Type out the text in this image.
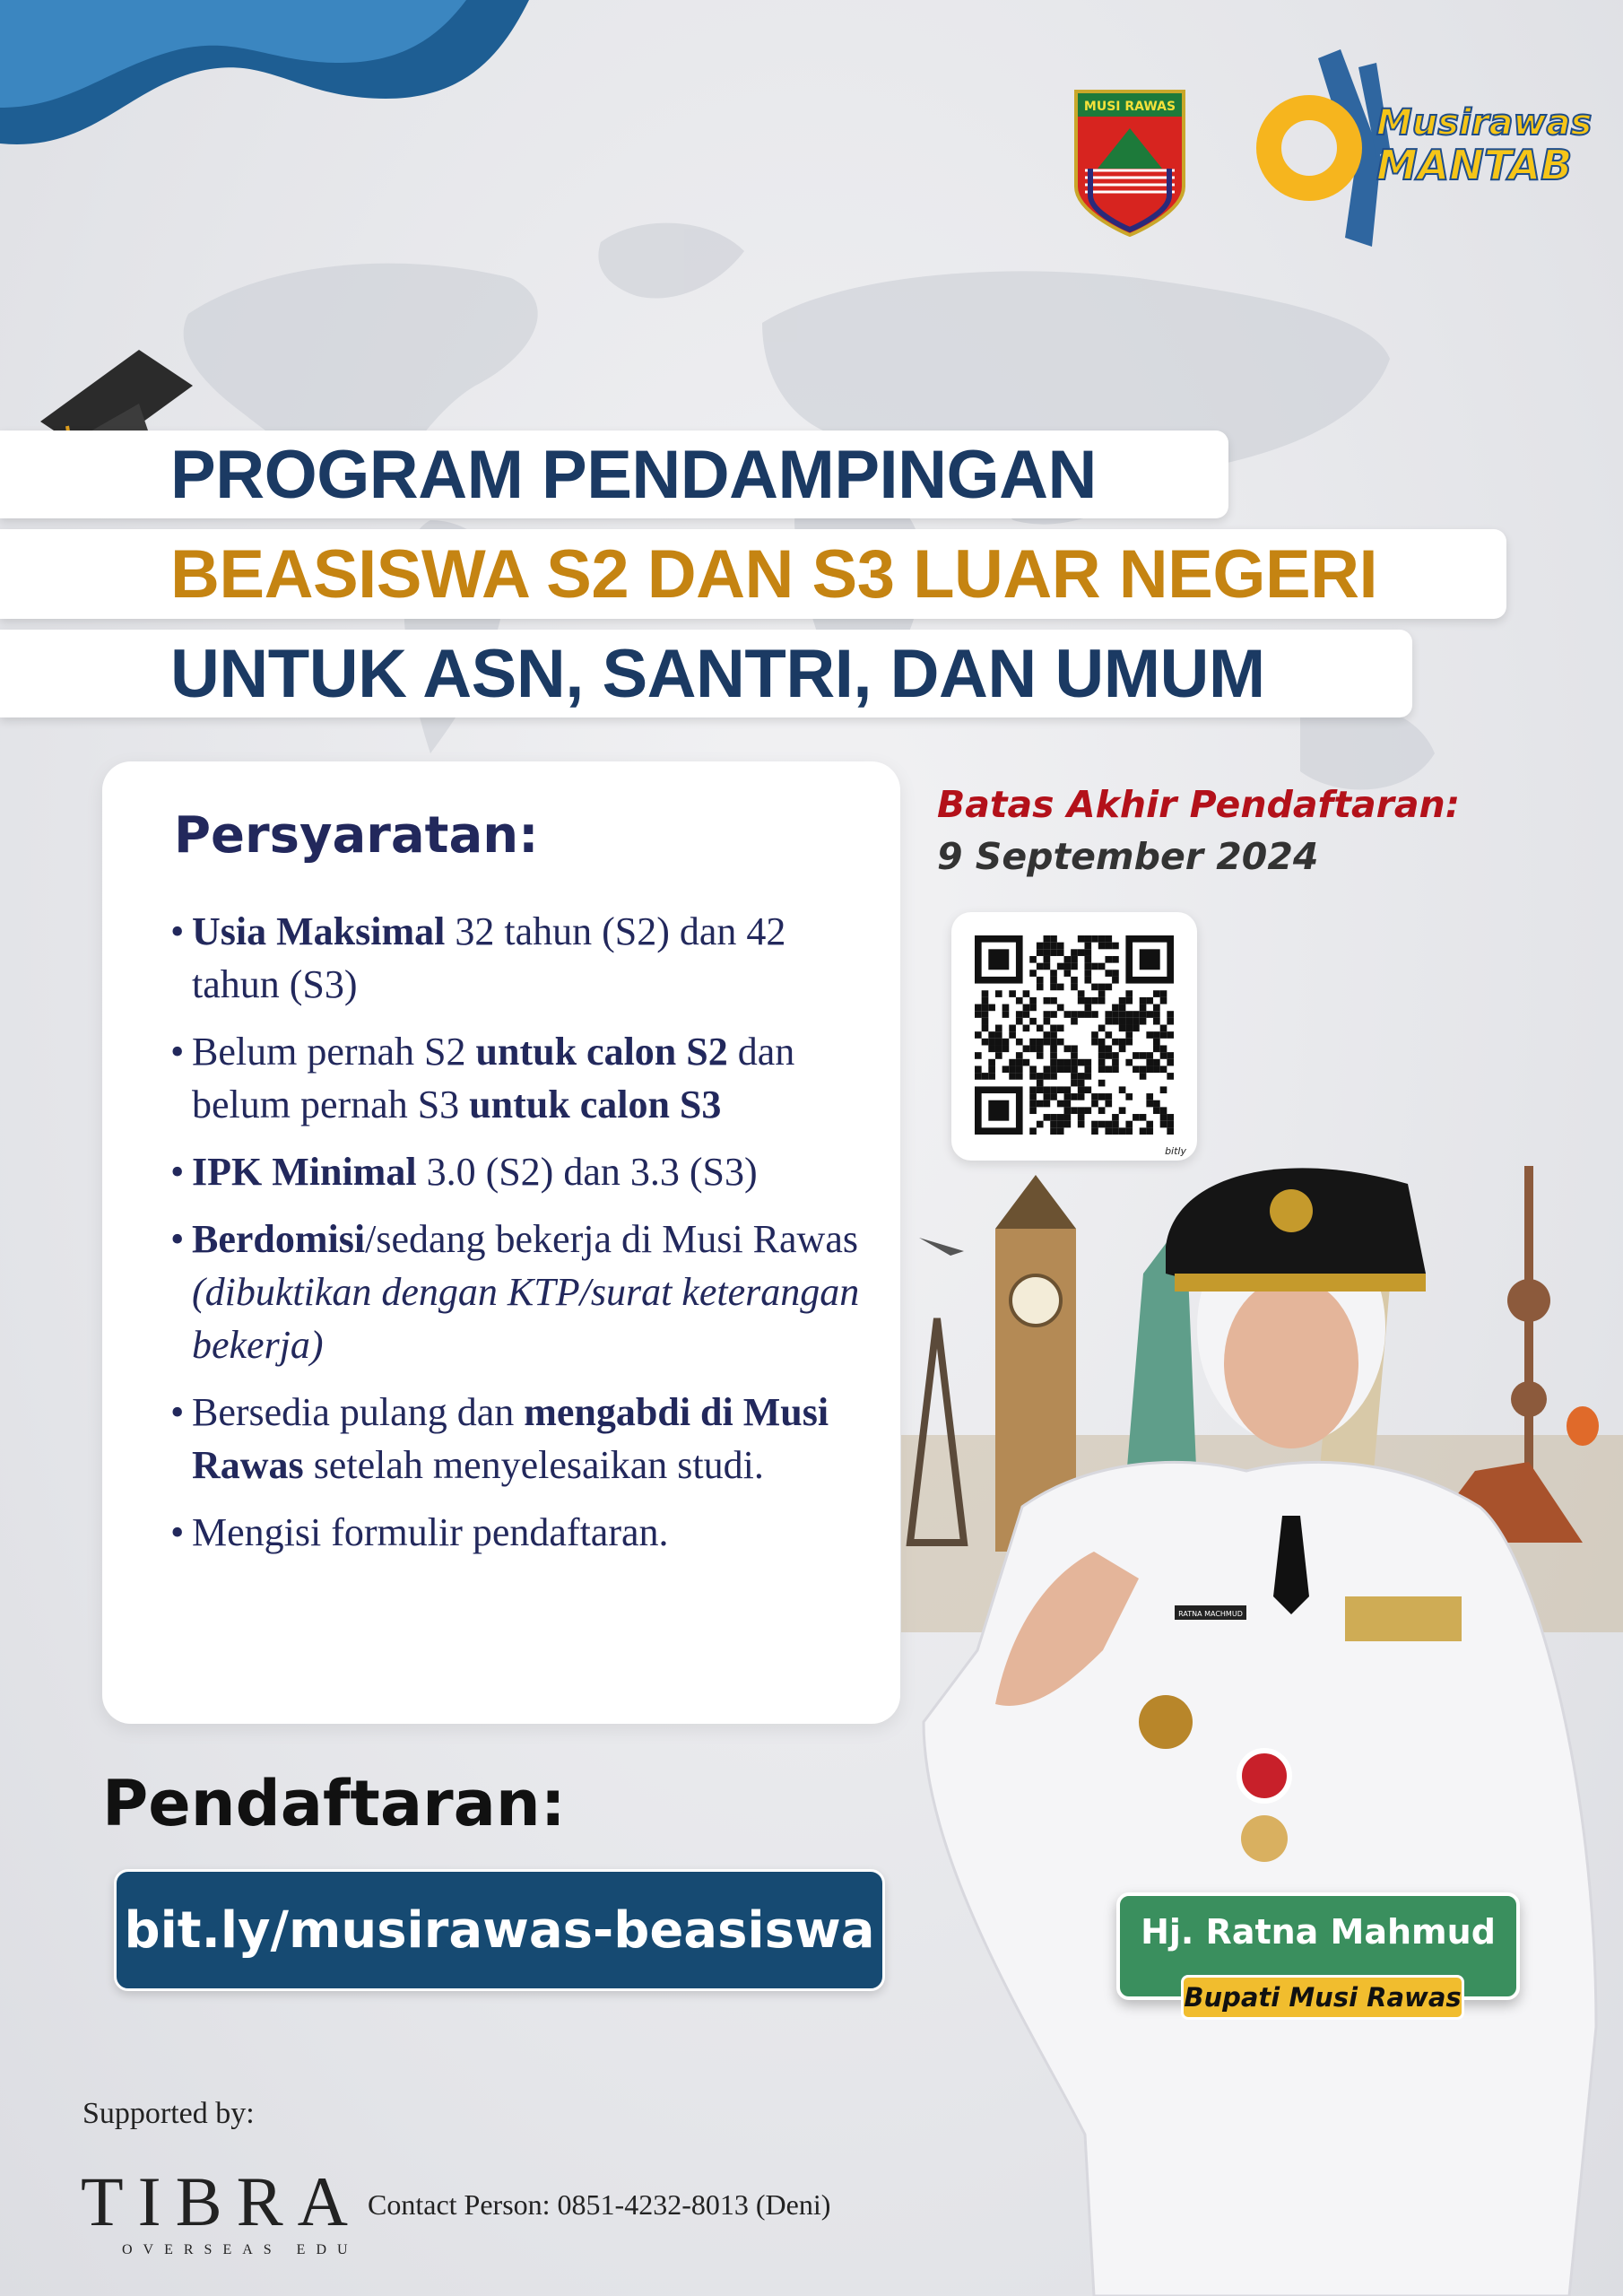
MUSI RAWAS	Musirawas
MANTAB
PROGRAM PENDAMPINGAN
BEASISWA S2 DAN S3 LUAR NEGERI
UNTUK ASN, SANTRI, DAN UMUM
Persyaratan:
• Usia Maksimal 32 tahun (S2) dan 42 tahun (S3)
• Belum pernah S2 untuk calon S2 dan belum pernah S3 untuk calon S3
• IPK Minimal 3.0 (S2) dan 3.3 (S3)
• Berdomisi/sedang bekerja di Musi Rawas (dibuktikan dengan KTP/surat keterangan bekerja)
• Bersedia pulang dan mengabdi di Musi Rawas setelah menyelesaikan studi.
• Mengisi formulir pendaftaran.
Batas Akhir Pendaftaran:
9 September 2024
bitly
RATNA MACHMUD
Pendaftaran:
bit.ly/musirawas-beasiswa
Supported by:
TIBRA
OVERSEAS EDU
Contact Person: 0851-4232-8013 (Deni)
Hj. Ratna Mahmud
Bupati Musi Rawas
